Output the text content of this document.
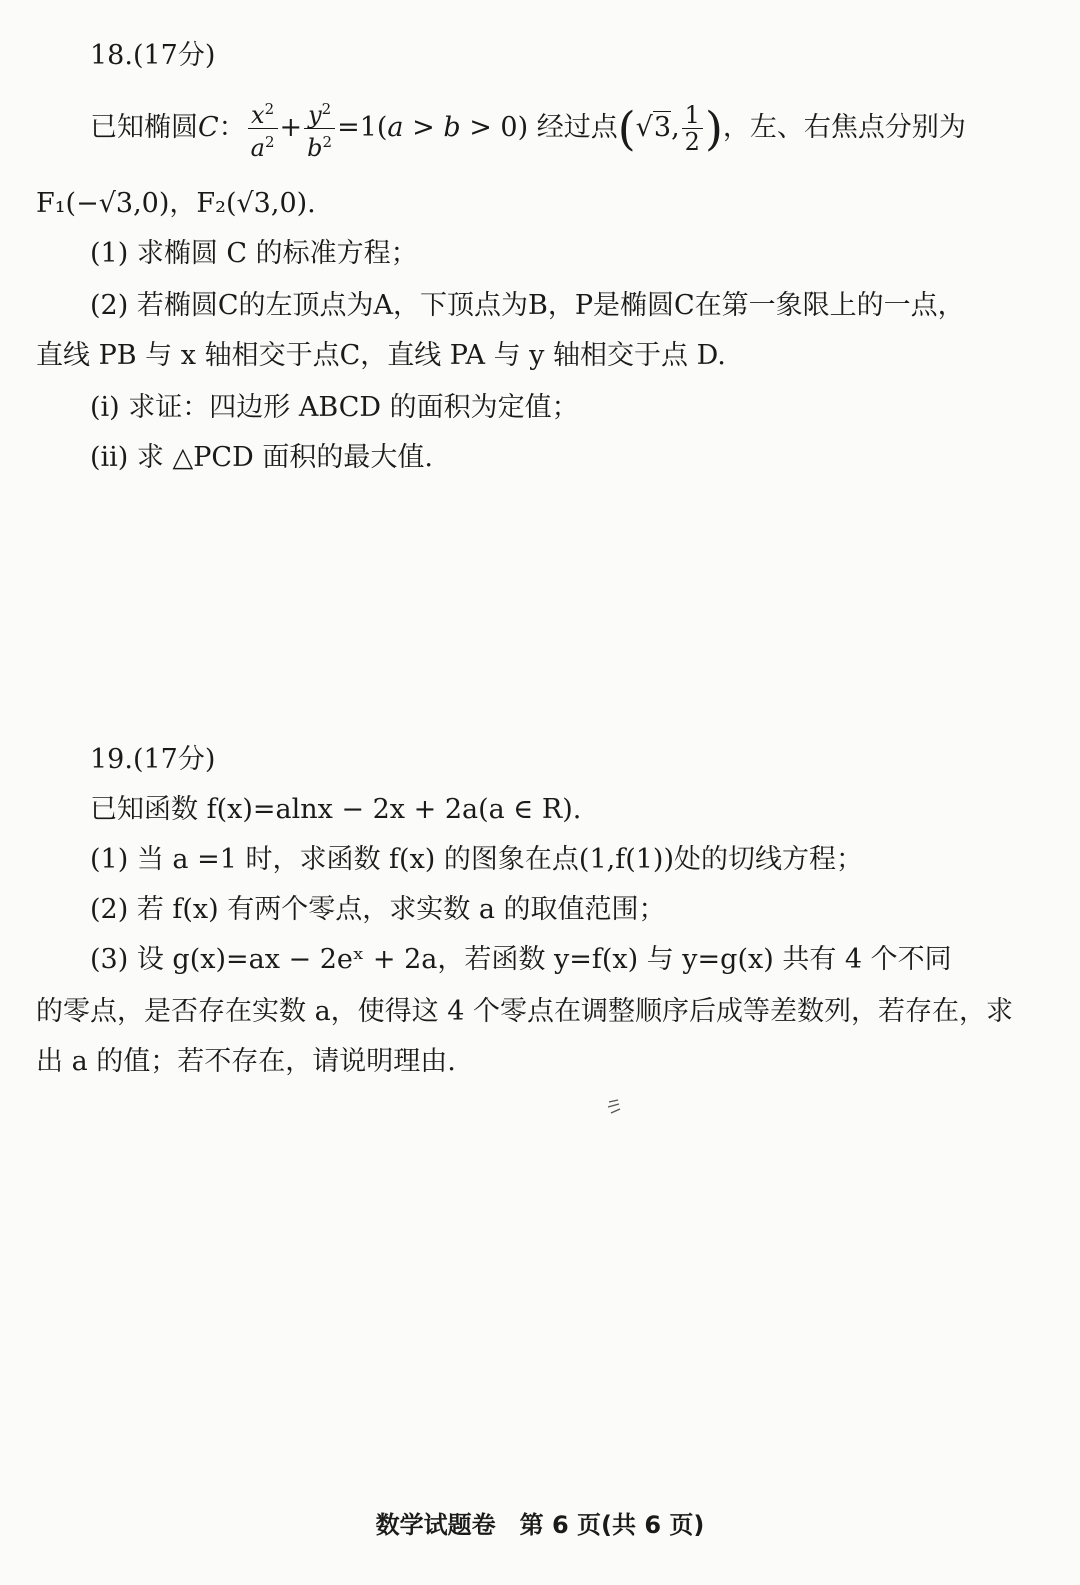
18.(17分)
已知椭圆C： $\frac{x^2}{a^2} + \frac{y^2}{b^2} =1(a > b > 0)$ 经过点(√3, $\frac{1}{2}$ )，左、右焦点分别为
F₁(−√3,0)，F₂(√3,0).
(1) 求椭圆 C 的标准方程；
(2) 若椭圆C的左顶点为A，下顶点为B，P是椭圆C在第一象限上的一点，
直线 PB 与 x 轴相交于点C，直线 PA 与 y 轴相交于点 D.
(i) 求证：四边形 ABCD 的面积为定值；
(ii) 求 △PCD 面积的最大值.
19.(17分)
已知函数 f(x)=alnx − 2x + 2a(a ∈ R).
(1) 当 a =1 时，求函数 f(x) 的图象在点(1,f(1))处的切线方程；
(2) 若 f(x) 有两个零点，求实数 a 的取值范围；
(3) 设 g(x)=ax − 2eˣ + 2a，若函数 y=f(x) 与 y=g(x) 共有 4 个不同
的零点，是否存在实数 a，使得这 4 个零点在调整顺序后成等差数列，若存在，求
出 a 的值；若不存在，请说明理由.
数学试题卷　第 6 页(共 6 页)
